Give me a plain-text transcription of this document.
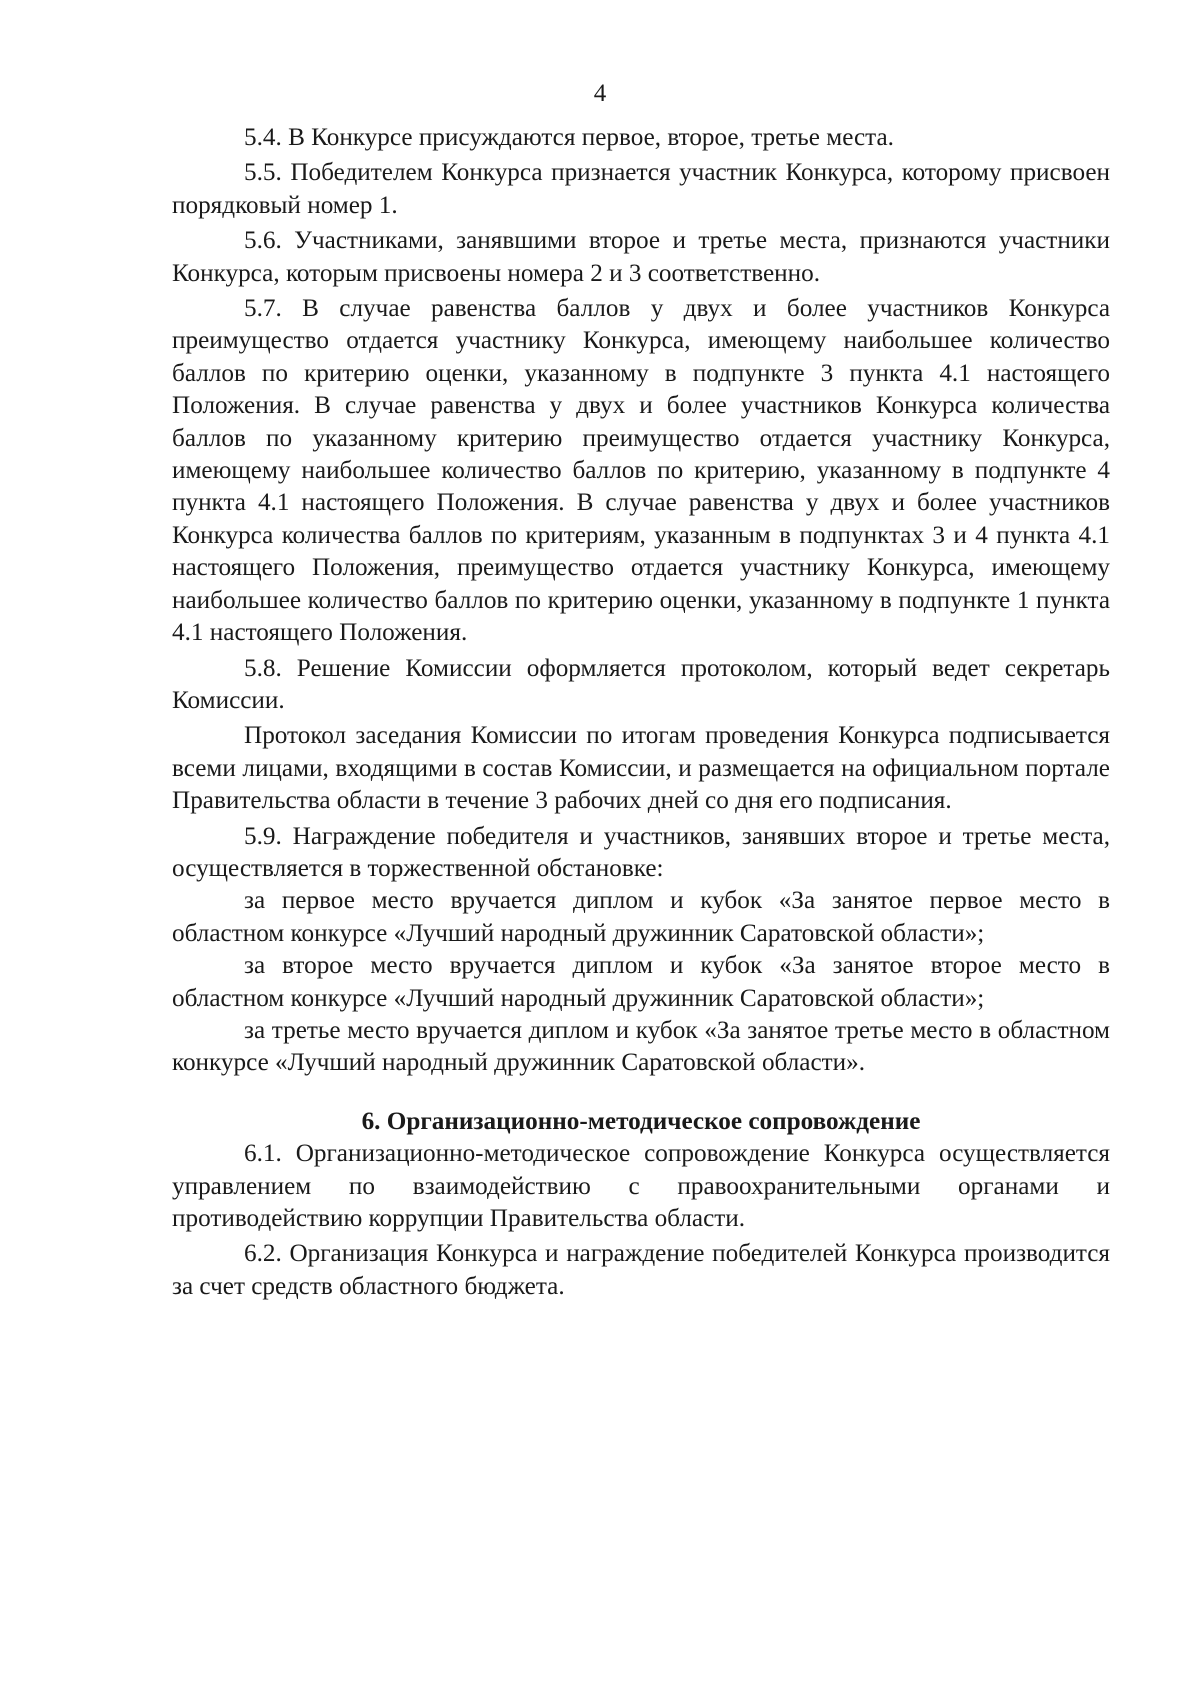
4

5.4. В Конкурсе присуждаются первое, второе, третье места.

5.5. Победителем Конкурса признается участник Конкурса, которому присвоен порядковый номер 1.

5.6. Участниками, занявшими второе и третье места, признаются участники Конкурса, которым присвоены номера 2 и 3 соответственно.

5.7. В случае равенства баллов у двух и более участников Конкурса преимущество отдается участнику Конкурса, имеющему наибольшее количество баллов по критерию оценки, указанному в подпункте 3 пункта 4.1 настоящего Положения. В случае равенства у двух и более участников Конкурса количества баллов по указанному критерию преимущество отдается участнику Конкурса, имеющему наибольшее количество баллов по критерию, указанному в подпункте 4 пункта 4.1 настоящего Положения. В случае равенства у двух и более участников Конкурса количества баллов по критериям, указанным в подпунктах 3 и 4 пункта 4.1 настоящего Положения, преимущество отдается участнику Конкурса, имеющему наибольшее количество баллов по критерию оценки, указанному в подпункте 1 пункта 4.1 настоящего Положения.

5.8. Решение Комиссии оформляется протоколом, который ведет секретарь Комиссии.

Протокол заседания Комиссии по итогам проведения Конкурса подписывается всеми лицами, входящими в состав Комиссии, и размещается на официальном портале Правительства области в течение 3 рабочих дней со дня его подписания.

5.9. Награждение победителя и участников, занявших второе и третье места, осуществляется в торжественной обстановке:

за первое место вручается диплом и кубок «За занятое первое место в областном конкурсе «Лучший народный дружинник Саратовской области»;

за второе место вручается диплом и кубок «За занятое второе место в областном конкурсе «Лучший народный дружинник Саратовской области»;

за третье место вручается диплом и кубок «За занятое третье место в областном конкурсе «Лучший народный дружинник Саратовской области».

6. Организационно-методическое сопровождение

6.1. Организационно-методическое сопровождение Конкурса осуществляется управлением по взаимодействию с правоохранительными органами и противодействию коррупции Правительства области.

6.2. Организация Конкурса и награждение победителей Конкурса производится за счет средств областного бюджета.
